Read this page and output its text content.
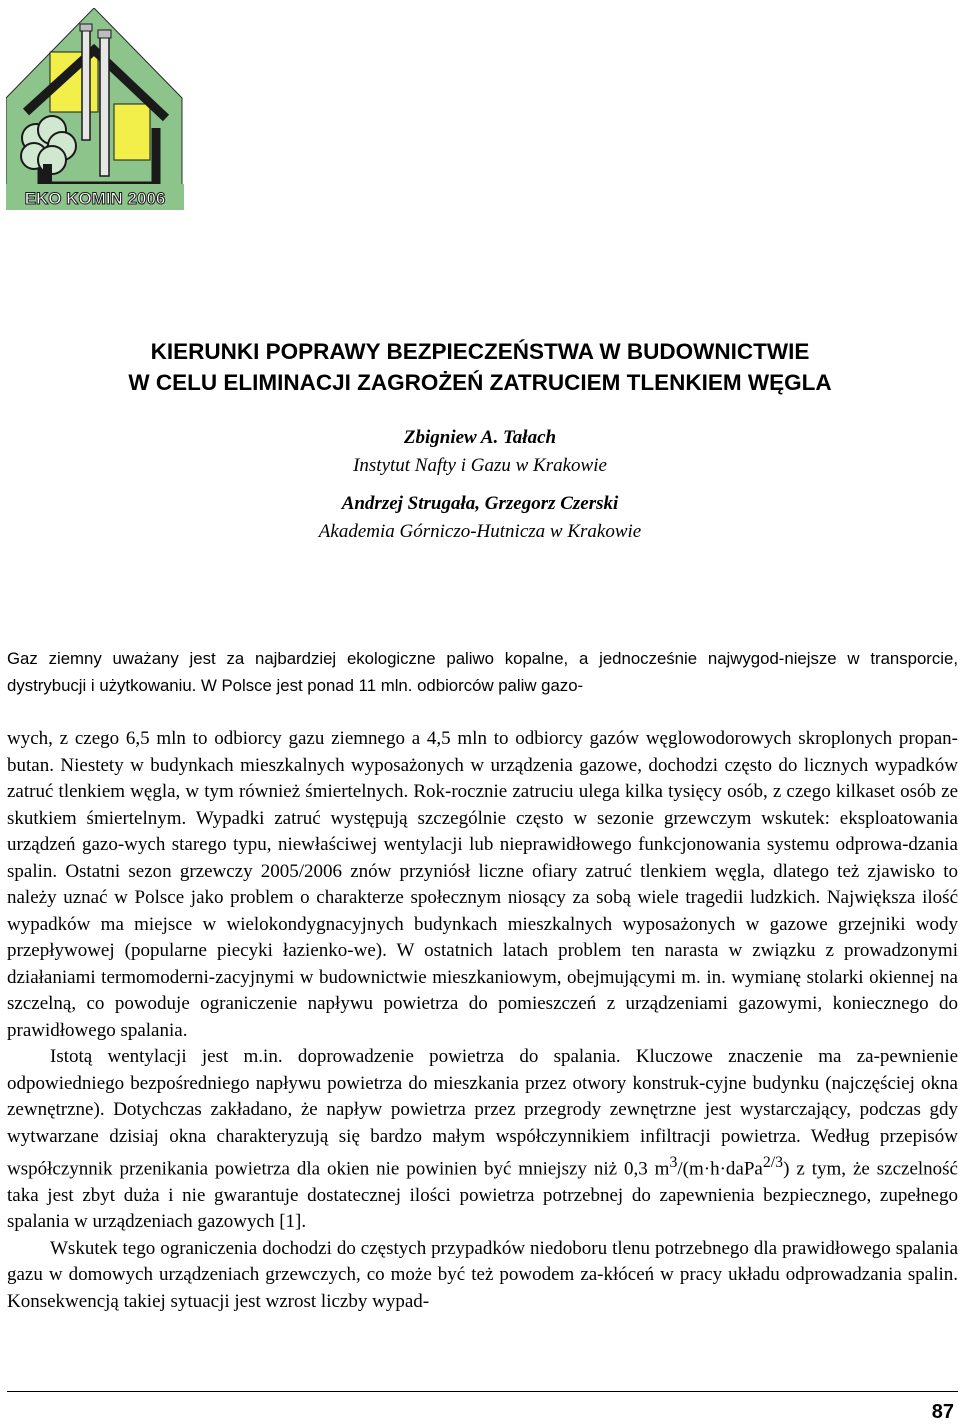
EKO KOMIN 2006
KIERUNKI POPRAWY BEZPIECZEŃSTWA W BUDOWNICTWIE
W CELU ELIMINACJI ZAGROŻEŃ ZATRUCIEM TLENKIEM WĘGLA
Zbigniew A. Tałach
Instytut Nafty i Gazu w Krakowie
Andrzej Strugała, Grzegorz Czerski
Akademia Górniczo-Hutnicza w Krakowie

Gaz ziemny uważany jest za najbardziej ekologiczne paliwo kopalne, a jednocześnie najwygod-niejsze w transporcie, dystrybucji i użytkowaniu. W Polsce jest ponad 11 mln. odbiorców paliw gazo-

wych, z czego 6,5 mln to odbiorcy gazu ziemnego a 4,5 mln to odbiorcy gazów węglowodorowych skroplonych propan-butan. Niestety w budynkach mieszkalnych wyposażonych w urządzenia gazowe, dochodzi często do licznych wypadków zatruć tlenkiem węgla, w tym również śmiertelnych. Rok-rocznie zatruciu ulega kilka tysięcy osób, z czego kilkaset osób ze skutkiem śmiertelnym. Wypadki zatruć występują szczególnie często w sezonie grzewczym wskutek: eksploatowania urządzeń gazo-wych starego typu, niewłaściwej wentylacji lub nieprawidłowego funkcjonowania systemu odprowa-dzania spalin. Ostatni sezon grzewczy 2005/2006 znów przyniósł liczne ofiary zatruć tlenkiem węgla, dlatego też zjawisko to należy uznać w Polsce jako problem o charakterze społecznym niosący za sobą wiele tragedii ludzkich. Największa ilość wypadków ma miejsce w wielokondygnacyjnych budynkach mieszkalnych wyposażonych w gazowe grzejniki wody przepływowej (popularne piecyki łazienko-we). W ostatnich latach problem ten narasta w związku z prowadzonymi działaniami termomoderni-zacyjnymi w budownictwie mieszkaniowym, obejmującymi m. in. wymianę stolarki okiennej na szczelną, co powoduje ograniczenie napływu powietrza do pomieszczeń z urządzeniami gazowymi, koniecznego do prawidłowego spalania.

Istotą wentylacji jest m.in. doprowadzenie powietrza do spalania. Kluczowe znaczenie ma za-pewnienie odpowiedniego bezpośredniego napływu powietrza do mieszkania przez otwory konstruk-cyjne budynku (najczęściej okna zewnętrzne). Dotychczas zakładano, że napływ powietrza przez przegrody zewnętrzne jest wystarczający, podczas gdy wytwarzane dzisiaj okna charakteryzują się bardzo małym współczynnikiem infiltracji powietrza. Według przepisów współczynnik przenikania powietrza dla okien nie powinien być mniejszy niż 0,3 $m^3/(m\cdot h\cdot daPa^{2/3})$ z tym, że szczelność taka jest zbyt duża i nie gwarantuje dostatecznej ilości powietrza potrzebnej do zapewnienia bezpiecznego, zupełnego spalania w urządzeniach gazowych [1].

Wskutek tego ograniczenia dochodzi do częstych przypadków niedoboru tlenu potrzebnego dla prawidłowego spalania gazu w domowych urządzeniach grzewczych, co może być też powodem za-kłóceń w pracy układu odprowadzania spalin. Konsekwencją takiej sytuacji jest wzrost liczby wypad-

87
